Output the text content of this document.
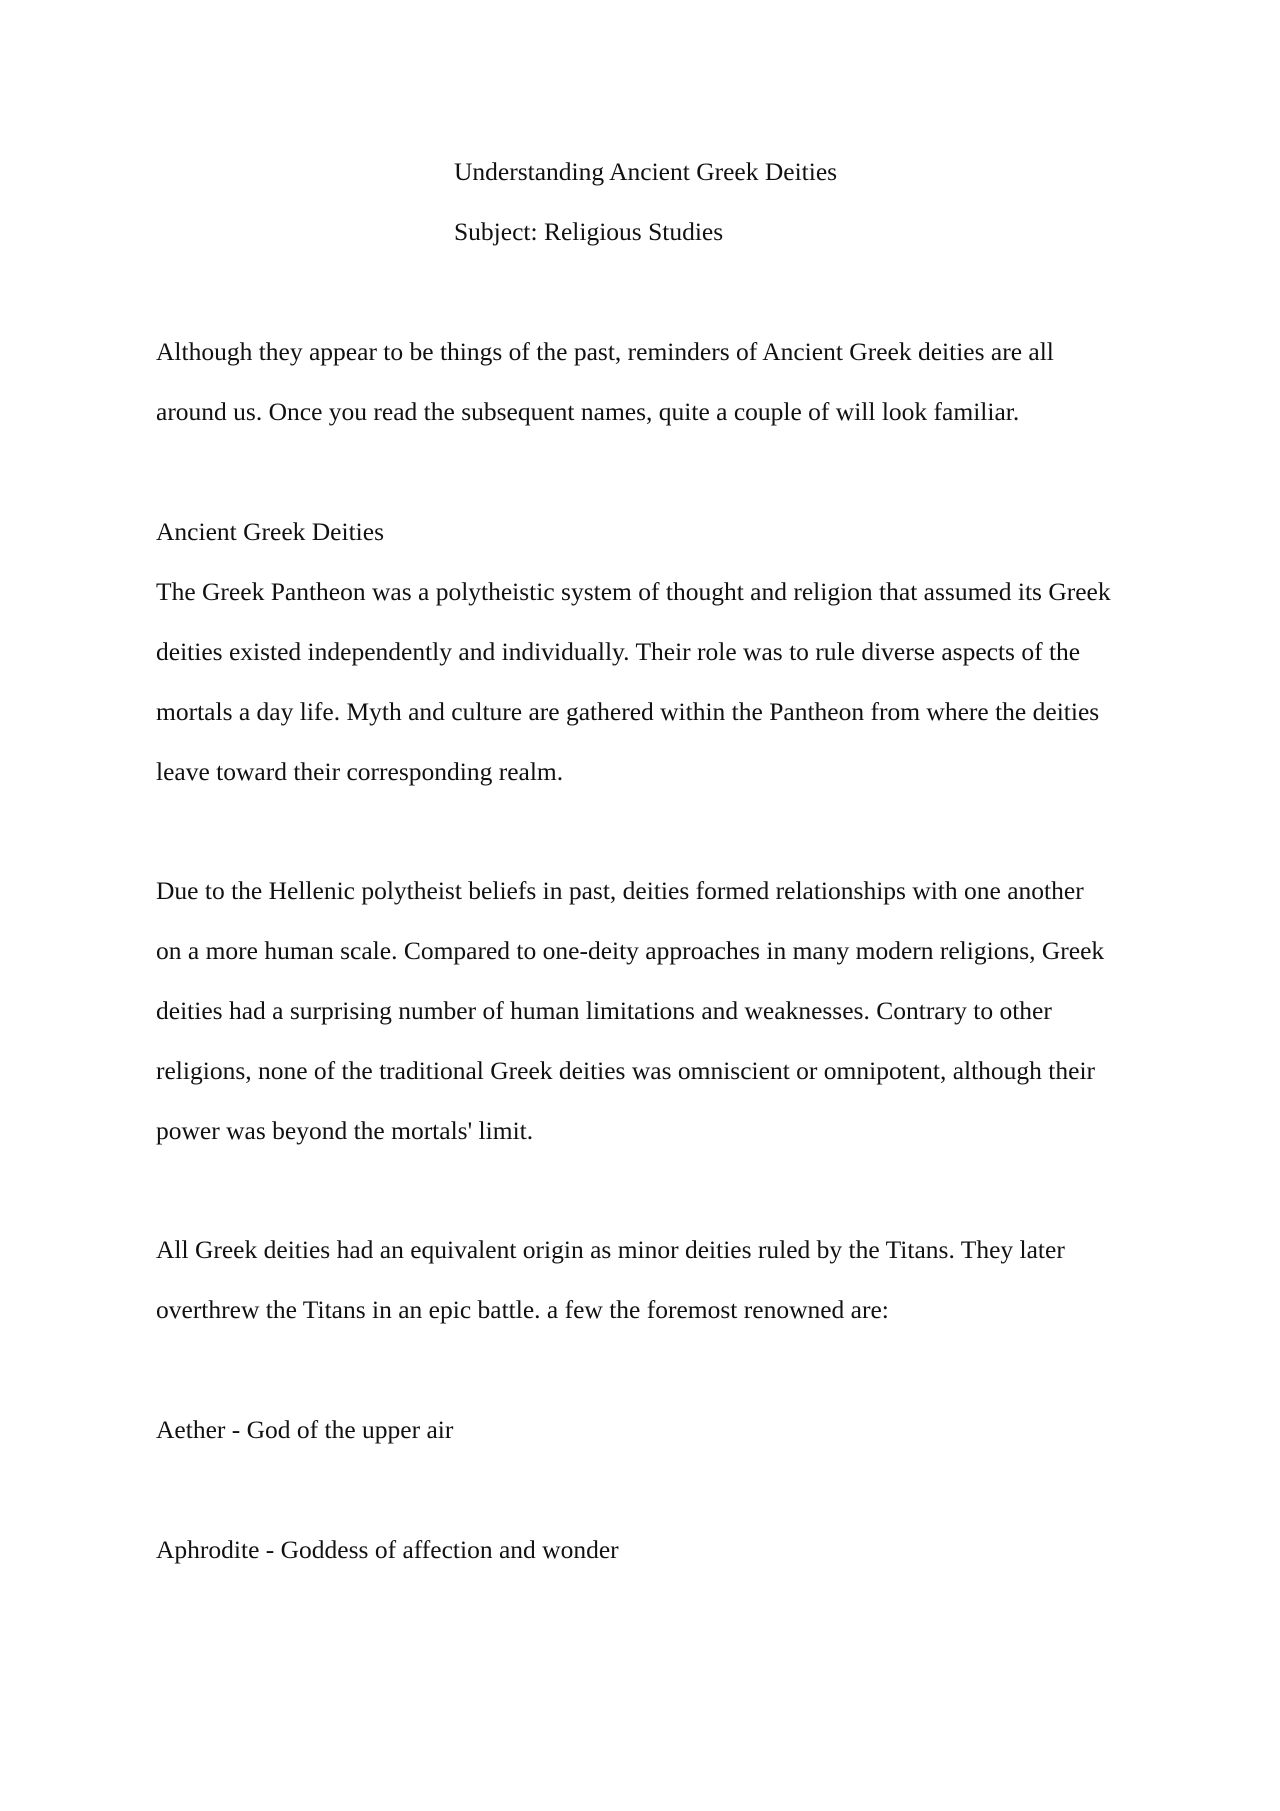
Understanding Ancient Greek Deities

Subject: Religious Studies

Although they appear to be things of the past, reminders of Ancient Greek deities are all

around us. Once you read the subsequent names, quite a couple of will look familiar.

Ancient Greek Deities

The Greek Pantheon was a polytheistic system of thought and religion that assumed its Greek

deities existed independently and individually. Their role was to rule diverse aspects of the

mortals a day life. Myth and culture are gathered within the Pantheon from where the deities

leave toward their corresponding realm.

Due to the Hellenic polytheist beliefs in past, deities formed relationships with one another

on a more human scale. Compared to one-deity approaches in many modern religions, Greek

deities had a surprising number of human limitations and weaknesses. Contrary to other

religions, none of the traditional Greek deities was omniscient or omnipotent, although their

power was beyond the mortals' limit.

All Greek deities had an equivalent origin as minor deities ruled by the Titans. They later

overthrew the Titans in an epic battle. a few the foremost renowned are:

Aether - God of the upper air

Aphrodite - Goddess of affection and wonder
